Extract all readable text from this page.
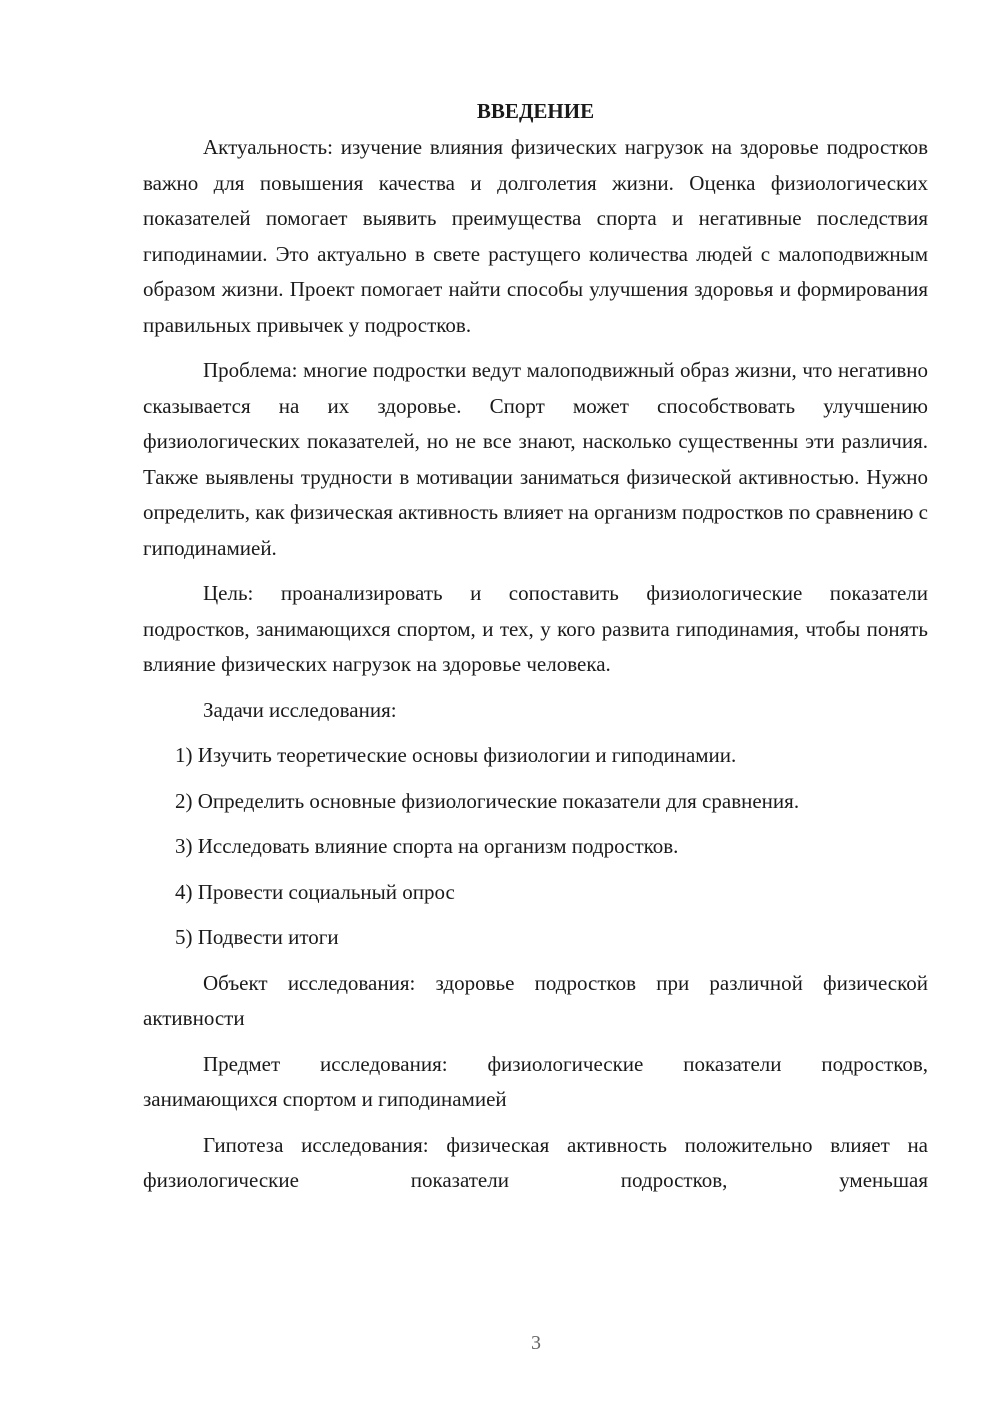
ВВЕДЕНИЕ

Актуальность: изучение влияния физических нагрузок на здоровье подростков важно для повышения качества и долголетия жизни. Оценка физиологических показателей помогает выявить преимущества спорта и негативные последствия гиподинамии. Это актуально в свете растущего количества людей с малоподвижным образом жизни. Проект помогает найти способы улучшения здоровья и формирования правильных привычек у подростков.

Проблема: многие подростки ведут малоподвижный образ жизни, что негативно сказывается на их здоровье. Спорт может способствовать улучшению физиологических показателей, но не все знают, насколько существенны эти различия. Также выявлены трудности в мотивации заниматься физической активностью. Нужно определить, как физическая активность влияет на организм подростков по сравнению с гиподинамией.

Цель: проанализировать и сопоставить физиологические показатели подростков, занимающихся спортом, и тех, у кого развита гиподинамия, чтобы понять влияние физических нагрузок на здоровье человека.

Задачи исследования:

1) Изучить теоретические основы физиологии и гиподинамии.

2) Определить основные физиологические показатели для сравнения.

3) Исследовать влияние спорта на организм подростков.

4) Провести социальный опрос

5) Подвести итоги

Объект исследования: здоровье подростков при различной физической активности

Предмет исследования: физиологические показатели подростков, занимающихся спортом и гиподинамией

Гипотеза исследования: физическая активность положительно влияет на физиологические показатели подростков, уменьшая

3
